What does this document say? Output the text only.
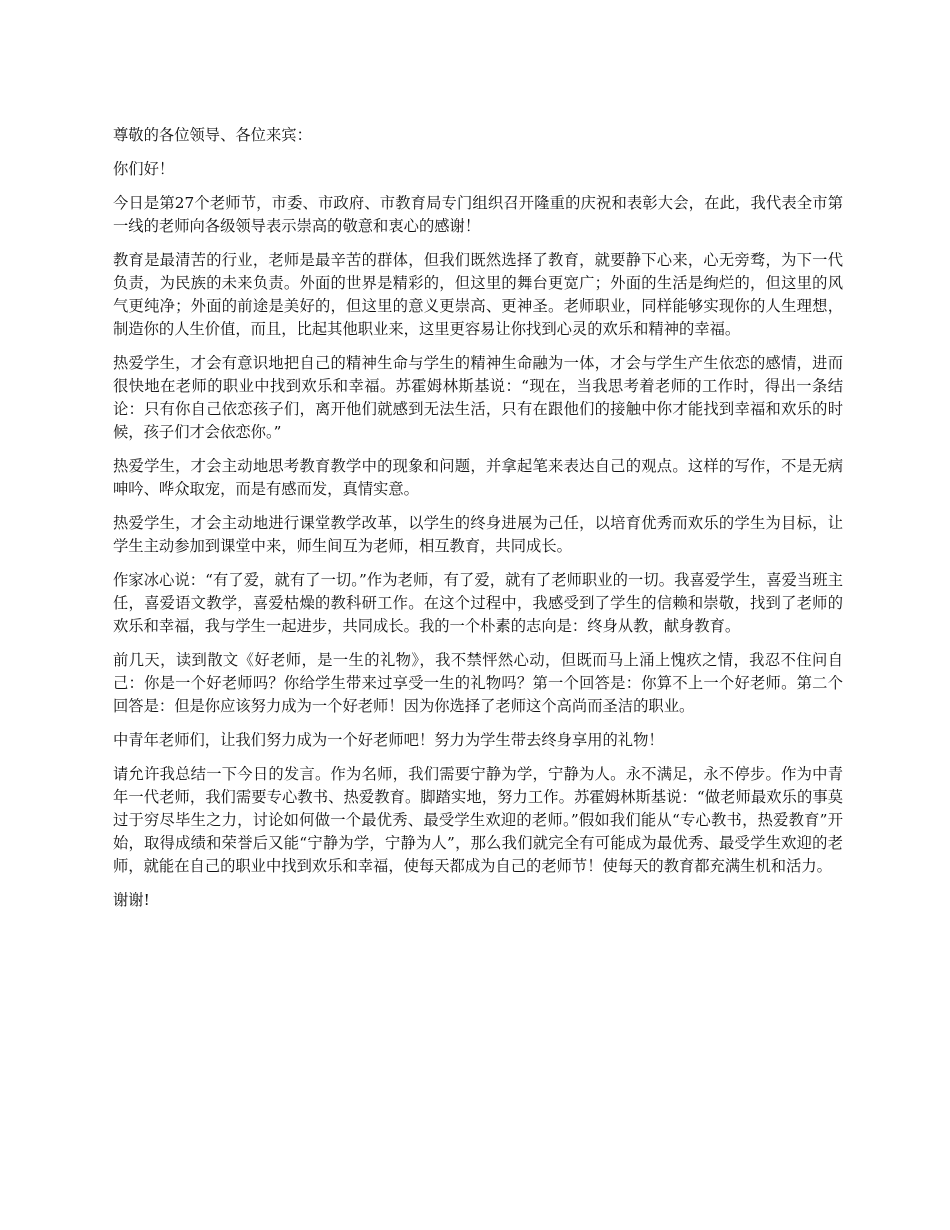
尊敬的各位领导、各位来宾：

你们好！

今日是第27个老师节，市委、市政府、市教育局专门组织召开隆重的庆祝和表彰大会，在此，我代表全市第一线的老师向各级领导表示崇高的敬意和衷心的感谢！

教育是最清苦的行业，老师是最辛苦的群体，但我们既然选择了教育，就要静下心来，心无旁骛，为下一代负责，为民族的未来负责。外面的世界是精彩的，但这里的舞台更宽广；外面的生活是绚烂的，但这里的风气更纯净；外面的前途是美好的，但这里的意义更崇高、更神圣。老师职业，同样能够实现你的人生理想，制造你的人生价值，而且，比起其他职业来，这里更容易让你找到心灵的欢乐和精神的幸福。

热爱学生，才会有意识地把自己的精神生命与学生的精神生命融为一体，才会与学生产生依恋的感情，进而很快地在老师的职业中找到欢乐和幸福。苏霍姆林斯基说：“现在，当我思考着老师的工作时，得出一条结论：只有你自己依恋孩子们，离开他们就感到无法生活，只有在跟他们的接触中你才能找到幸福和欢乐的时候，孩子们才会依恋你。”

热爱学生，才会主动地思考教育教学中的现象和问题，并拿起笔来表达自己的观点。这样的写作，不是无病呻吟、哗众取宠，而是有感而发，真情实意。

热爱学生，才会主动地进行课堂教学改革，以学生的终身进展为己任，以培育优秀而欢乐的学生为目标，让学生主动参加到课堂中来，师生间互为老师，相互教育，共同成长。

作家冰心说：“有了爱，就有了一切。”作为老师，有了爱，就有了老师职业的一切。我喜爱学生，喜爱当班主任，喜爱语文教学，喜爱枯燥的教科研工作。在这个过程中，我感受到了学生的信赖和崇敬，找到了老师的欢乐和幸福，我与学生一起进步，共同成长。我的一个朴素的志向是：终身从教，献身教育。

前几天，读到散文《好老师，是一生的礼物》，我不禁怦然心动，但既而马上涌上愧疚之情，我忍不住问自己：你是一个好老师吗？你给学生带来过享受一生的礼物吗？第一个回答是：你算不上一个好老师。第二个回答是：但是你应该努力成为一个好老师！因为你选择了老师这个高尚而圣洁的职业。

中青年老师们，让我们努力成为一个好老师吧！努力为学生带去终身享用的礼物！

请允许我总结一下今日的发言。作为名师，我们需要宁静为学，宁静为人。永不满足，永不停步。作为中青年一代老师，我们需要专心教书、热爱教育。脚踏实地，努力工作。苏霍姆林斯基说：“做老师最欢乐的事莫过于穷尽毕生之力，讨论如何做一个最优秀、最受学生欢迎的老师。”假如我们能从“专心教书，热爱教育”开始，取得成绩和荣誉后又能“宁静为学，宁静为人”，那么我们就完全有可能成为最优秀、最受学生欢迎的老师，就能在自己的职业中找到欢乐和幸福，使每天都成为自己的老师节！使每天的教育都充满生机和活力。

谢谢!
